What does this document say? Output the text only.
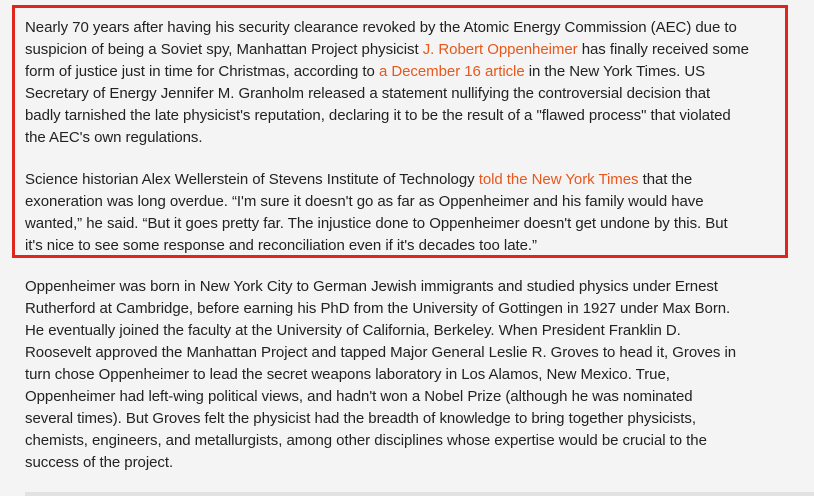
Nearly 70 years after having his security clearance revoked by the Atomic Energy Commission (AEC) due to
suspicion of being a Soviet spy, Manhattan Project physicist J. Robert Oppenheimer has finally received some
form of justice just in time for Christmas, according to a December 16 article in the New York Times. US
Secretary of Energy Jennifer M. Granholm released a statement nullifying the controversial decision that
badly tarnished the late physicist's reputation, declaring it to be the result of a "flawed process" that violated
the AEC's own regulations.

Science historian Alex Wellerstein of Stevens Institute of Technology told the New York Times that the
exoneration was long overdue. “I'm sure it doesn't go as far as Oppenheimer and his family would have
wanted,” he said. “But it goes pretty far. The injustice done to Oppenheimer doesn't get undone by this. But
it's nice to see some response and reconciliation even if it's decades too late.”

Oppenheimer was born in New York City to German Jewish immigrants and studied physics under Ernest
Rutherford at Cambridge, before earning his PhD from the University of Gottingen in 1927 under Max Born.
He eventually joined the faculty at the University of California, Berkeley. When President Franklin D.
Roosevelt approved the Manhattan Project and tapped Major General Leslie R. Groves to head it, Groves in
turn chose Oppenheimer to lead the secret weapons laboratory in Los Alamos, New Mexico. True,
Oppenheimer had left-wing political views, and hadn't won a Nobel Prize (although he was nominated
several times). But Groves felt the physicist had the breadth of knowledge to bring together physicists,
chemists, engineers, and metallurgists, among other disciplines whose expertise would be crucial to the
success of the project.
